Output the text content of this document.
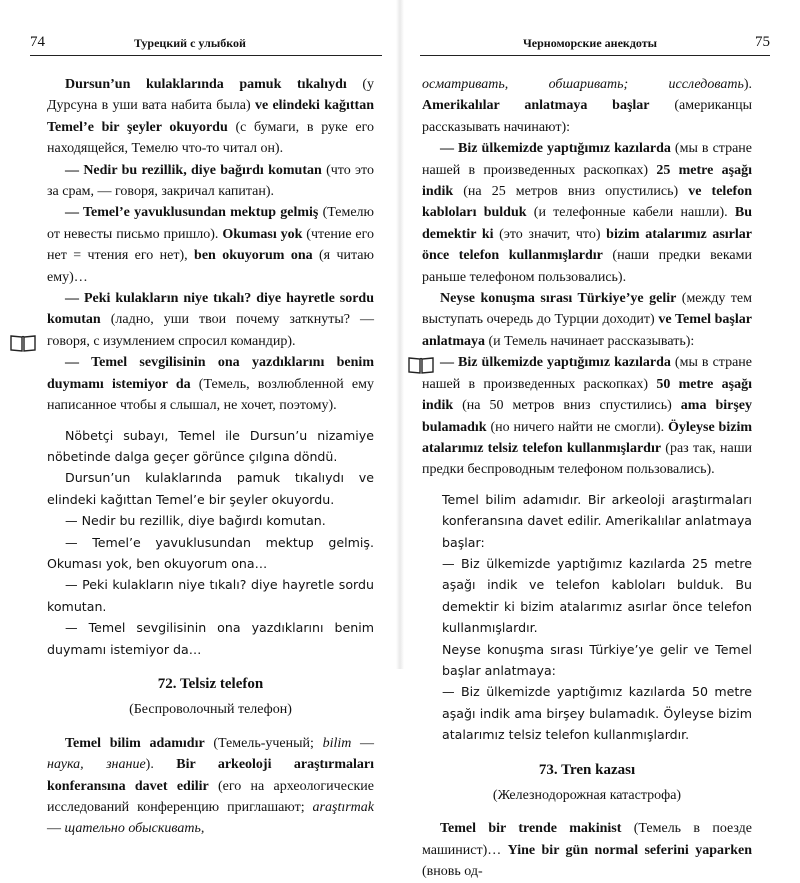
74	Турецкий с улыбкой

Dursun’un kulaklarında pamuk tıkalıydı (у Дурсуна в уши вата набита была) ve elindeki kağıttan Temel’e bir şeyler okuyordu (с бумаги, в руке его находящейся, Темелю что-то читал он).

— Nedir bu rezillik, diye bağırdı komutan (что это за срам, — говоря, закричал капитан).

— Temel’e yavuklusundan mektup gelmiş (Темелю от невесты письмо пришло). Okuması yok (чтение его нет = чтения его нет), ben okuyorum ona (я читаю ему)…

— Peki kulakların niye tıkalı? diye hayretle sordu komutan (ладно, уши твои почему заткнуты? — говоря, с изумлением спросил командир).

— Temel sevgilisinin ona yazdıklarını benim duymamı istemiyor da (Темель, возлюбленной ему написанное чтобы я слышал, не хочет, поэтому).

Nöbetçi subayı, Temel ile Dursun’u nizamiye nöbetinde dalga geçer görünce çılgına döndü.

Dursun’un kulaklarında pamuk tıkalıydı ve elindeki kağıttan Temel’e bir şeyler okuyordu.

— Nedir bu rezillik, diye bağırdı komutan.

— Temel’e yavuklusundan mektup gelmiş. Okuması yok, ben okuyorum ona…

— Peki kulakların niye tıkalı? diye hayretle sordu komutan.

— Temel sevgilisinin ona yazdıklarını benim duymamı istemiyor da…

72. Telsiz telefon
(Беспроволочный телефон)

Temel bilim adamıdır (Темель-ученый; bilim — наука, знание). Bir arkeoloji araştırmaları konferansına davet edilir (его на археологические исследований конференцию приглашают; araştırmak — щательно обыскивать,

Черноморские анекдоты	75

осматривать, обшаривать; исследовать). Amerikalılar anlatmaya başlar (американцы рассказывать начинают):

— Biz ülkemizde yaptığımız kazılarda (мы в стране нашей в произведенных раскопках) 25 metre aşağı indik (на 25 метров вниз опустились) ve telefon kabloları bulduk (и телефонные кабели нашли). Bu demektir ki (это значит, что) bizim atalarımız asırlar önce telefon kullanmışlardır (наши предки веками раньше телефоном пользовались).

Neyse konuşma sırası Türkiye’ye gelir (между тем выступать очередь до Турции доходит) ve Temel başlar anlatmaya (и Темель начинает рассказывать):

— Biz ülkemizde yaptığımız kazılarda (мы в стране нашей в произведенных раскопках) 50 metre aşağı indik (на 50 метров вниз спустились) ama birşey bulamadık (но ничего найти не смогли). Öyleyse bizim atalarımız telsiz telefon kullanmışlardır (раз так, наши предки беспроводным телефоном пользовались).

Temel bilim adamıdır. Bir arkeoloji araştırmaları konferansına davet edilir. Amerikalılar anlatmaya başlar:

— Biz ülkemizde yaptığımız kazılarda 25 metre aşağı indik ve telefon kabloları bulduk. Bu demektir ki bizim atalarımız asırlar önce telefon kullanmışlardır.

Neyse konuşma sırası Türkiye’ye gelir ve Temel başlar anlatmaya:

— Biz ülkemizde yaptığımız kazılarda 50 metre aşağı indik ama birşey bulamadık. Öyleyse bizim atalarımız telsiz telefon kullanmışlardır.

73. Tren kazası
(Железнодорожная катастрофа)

Temel bir trende makinist (Темель в поезде машинист)… Yine bir gün normal seferini yaparken (вновь од-
